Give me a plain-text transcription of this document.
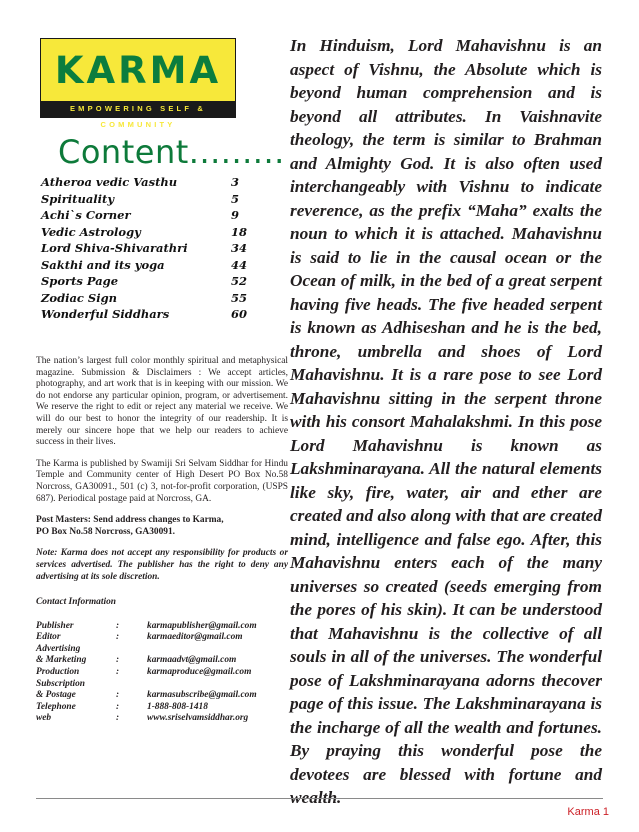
KARMA
EMPOWERING SELF & COMMUNITY
Content.........
Atheroa vedic Vasthu	3
Spirituality	5
Achi`s Corner	9
Vedic Astrology	18
Lord Shiva-Shivarathri	34
Sakthi and its yoga	44
Sports Page	52
Zodiac Sign	55
Wonderful Siddhars	60

The nation’s largest full color monthly spiritual and metaphysical magazine. Submission & Disclaimers : We accept articles, photography, and art work that is in keeping with our mission. We do not endorse any particular opinion, program, or advertisement. We reserve the right to edit or reject any material we receive. We will do our best to honor the integrity of our readership. It is merely our sincere hope that we help our readers to achieve success in their lives.

The Karma is published by Swamiji Sri Selvam Siddhar for Hindu Temple and Community center of High Desert PO Box No.58 Norcross, GA30091., 501 (c) 3, not-for-profit corporation, (USPS 687). Periodical postage paid at Norcross, GA.

Post Masters: Send address changes to Karma,
PO Box No.58 Norcross, GA30091.

Note: Karma does not accept any responsibility for products or services advertised. The publisher has the right to deny any advertising at its sole discretion.

Contact Information
Publisher	:	karmapublisher@gmail.com
Editor	:	karmaeditor@gmail.com
Advertising
& Marketing	:	karmaadvt@gmail.com
Production	:	karmaproduce@gmail.com
Subscription
& Postage	:	karmasubscribe@gmail.com
Telephone	:	1-888-808-1418
web	:	www.sriselvamsiddhar.org

In Hinduism, Lord Mahavishnu is an aspect of Vishnu, the Absolute which is beyond human comprehension and is beyond all attributes. In Vaishnavite theology, the term is similar to Brahman and Almighty God. It is also often used interchangeably with Vishnu to indicate reverence, as the prefix “Maha” exalts the noun to which it is attached. Mahavishnu is said to lie in the causal ocean or the Ocean of milk, in the bed of a great serpent having five heads. The five headed serpent is known as Adhiseshan and he is the bed, throne, umbrella and shoes of Lord Mahavishnu. It is a rare pose to see Lord Mahavishnu sitting in the serpent throne with his consort Mahalakshmi. In this pose Lord Mahavishnu is known as Lakshminarayana. All the natural elements like sky, fire, water, air and ether are created and also along with that are created mind, intelligence and false ego. After, this Mahavishnu enters each of the many universes so created (seeds emerging from the pores of his skin). It can be understood that Mahavishnu is the collective of all souls in all of the universes. The wonderful pose of Lakshminarayana adorns thecover page of this issue. The Lakshminarayana is the incharge of all the wealth and fortunes. By praying this wonderful pose the devotees are blessed with fortune and wealth.

Karma 1
